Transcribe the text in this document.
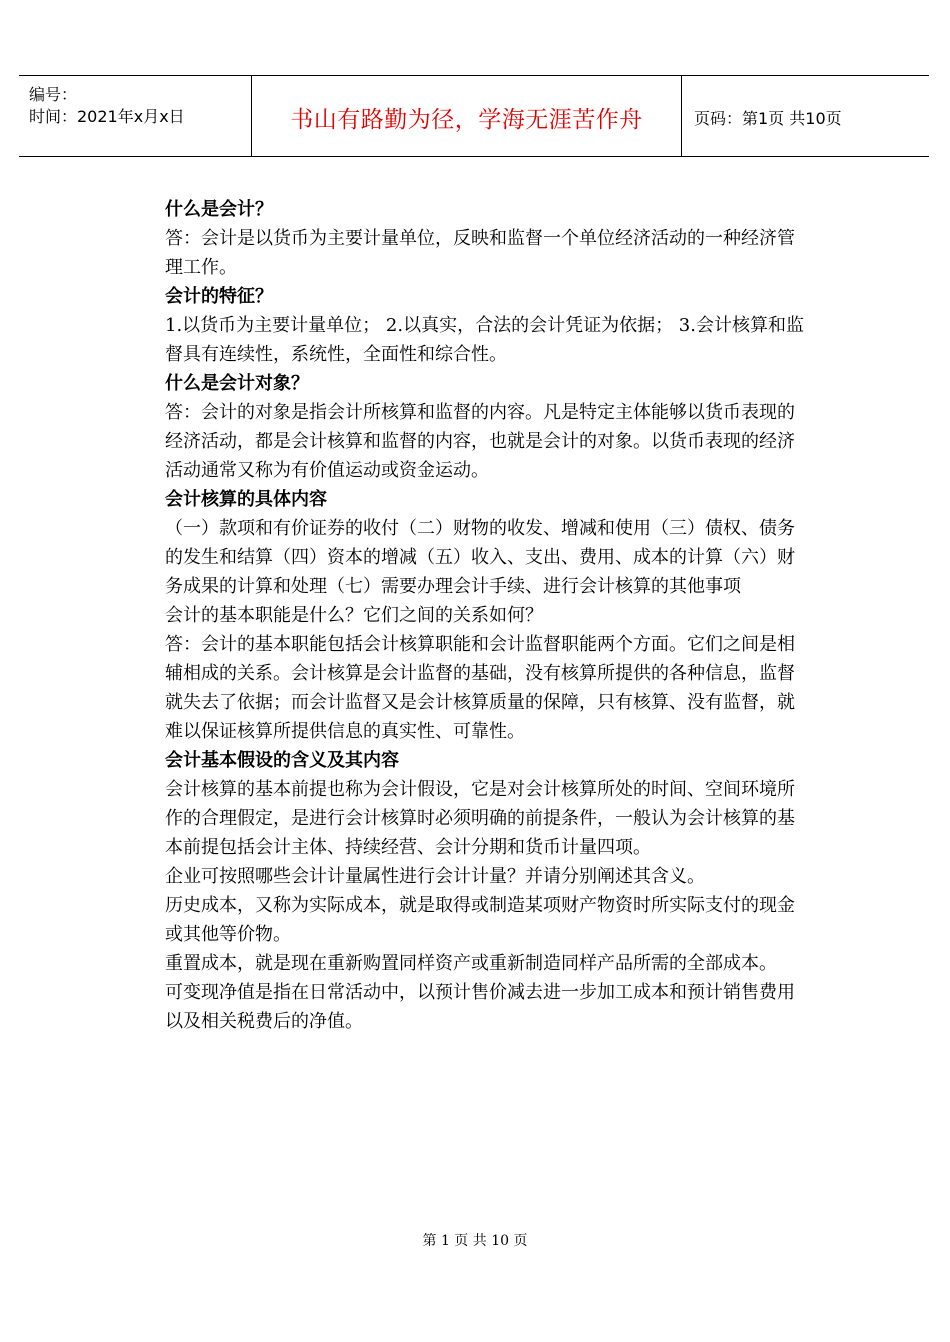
编号：
时间：2021年x月x日	书山有路勤为径，学海无涯苦作舟	页码：第1页 共10页

什么是会计？

答：会计是以货币为主要计量单位，反映和监督一个单位经济活动的一种经济管理工作。

会计的特征？

1.以货币为主要计量单位； 2.以真实，合法的会计凭证为依据； 3.会计核算和监督具有连续性，系统性，全面性和综合性。

什么是会计对象？

答：会计的对象是指会计所核算和监督的内容。凡是特定主体能够以货币表现的经济活动，都是会计核算和监督的内容，也就是会计的对象。以货币表现的经济活动通常又称为有价值运动或资金运动。

会计核算的具体内容

（一）款项和有价证券的收付（二）财物的收发、增减和使用（三）债权、债务的发生和结算（四）资本的增减（五）收入、支出、费用、成本的计算（六）财务成果的计算和处理（七）需要办理会计手续、进行会计核算的其他事项

会计的基本职能是什么？它们之间的关系如何？

答：会计的基本职能包括会计核算职能和会计监督职能两个方面。它们之间是相辅相成的关系。会计核算是会计监督的基础，没有核算所提供的各种信息，监督就失去了依据；而会计监督又是会计核算质量的保障，只有核算、没有监督，就难以保证核算所提供信息的真实性、可靠性。

会计基本假设的含义及其内容

会计核算的基本前提也称为会计假设，它是对会计核算所处的时间、空间环境所作的合理假定，是进行会计核算时必须明确的前提条件，一般认为会计核算的基本前提包括会计主体、持续经营、会计分期和货币计量四项。

企业可按照哪些会计计量属性进行会计计量？并请分别阐述其含义。

历史成本，又称为实际成本，就是取得或制造某项财产物资时所实际支付的现金或其他等价物。

重置成本，就是现在重新购置同样资产或重新制造同样产品所需的全部成本。

可变现净值是指在日常活动中，以预计售价减去进一步加工成本和预计销售费用以及相关税费后的净值。

第 1 页 共 10 页
